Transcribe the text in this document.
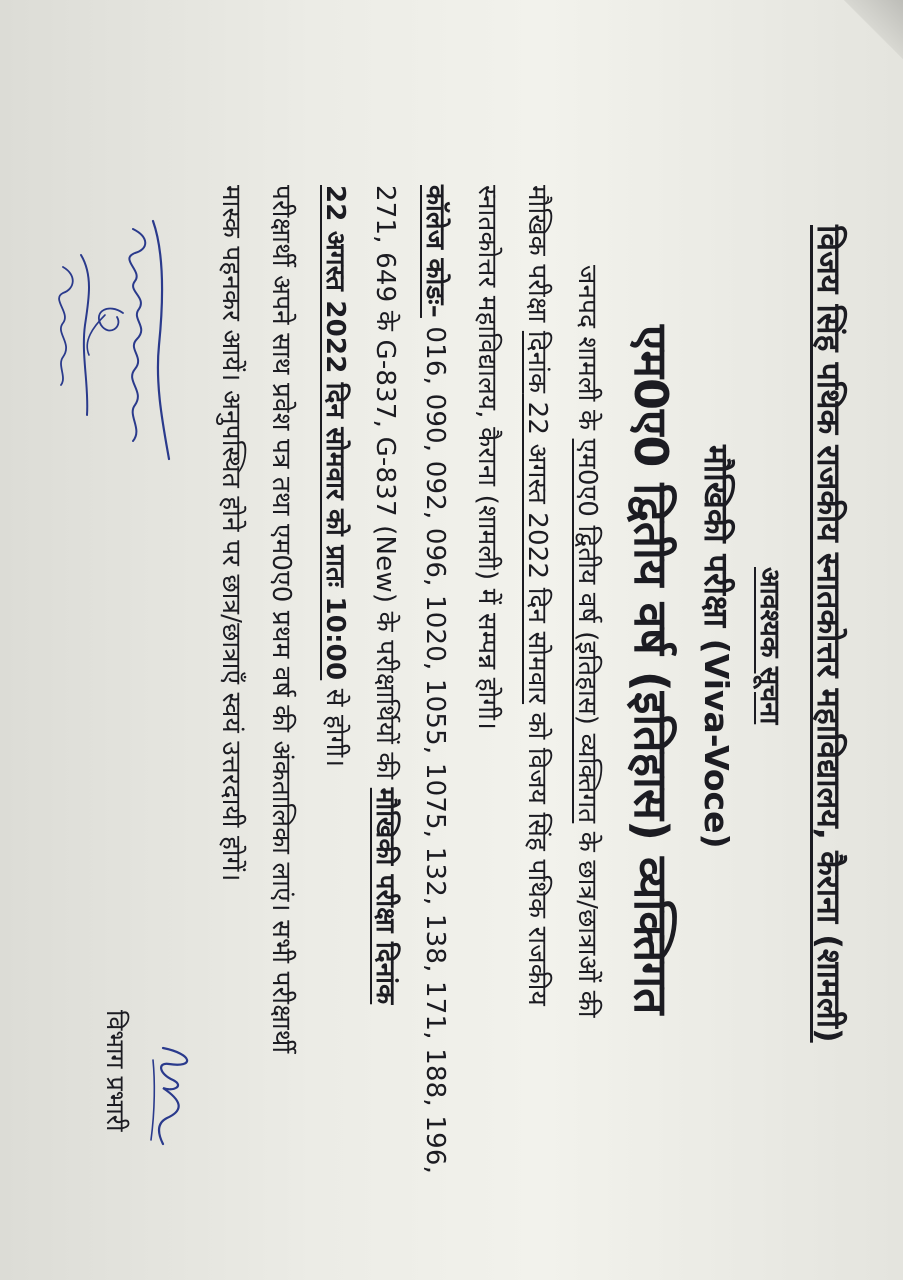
विजय सिंह पथिक राजकीय स्नातकोत्तर महाविद्यालय, कैराना (शामली)
आवश्यक सूचना
मौखिकी परीक्षा (Viva-Voce)
एम0ए0 द्वितीय वर्ष (इतिहास) व्यक्तिगत
जनपद शामली के एम0ए0 द्वितीय वर्ष (इतिहास) व्यक्तिगत के छात्र/छात्राओं की
मौखिक परीक्षा दिनांक 22 अगस्त 2022 दिन सोमवार को विजय सिंह पथिक राजकीय
स्नातकोत्तर महाविद्यालय, कैराना (शामली) में सम्पन्न होगी।
कॉलेज कोडः– 016, 090, 092, 096, 1020, 1055, 1075, 132, 138, 171, 188, 196,
271, 649 के G-837, G-837 (New) के परीक्षार्थियों की मौखिकी परीक्षा दिनांक
22 अगस्त 2022 दिन सोमवार को प्रातः 10:00 से होगी।
परीक्षार्थी अपने साथ प्रवेश पत्र तथा एम0ए0 प्रथम वर्ष की अंकतालिका लाएं। सभी परीक्षार्थी
मास्क पहनकर आयें। अनुपस्थित होने पर छात्र/छात्राएँ स्वयं उत्तरदायी होगें।
विभाग प्रभारी
